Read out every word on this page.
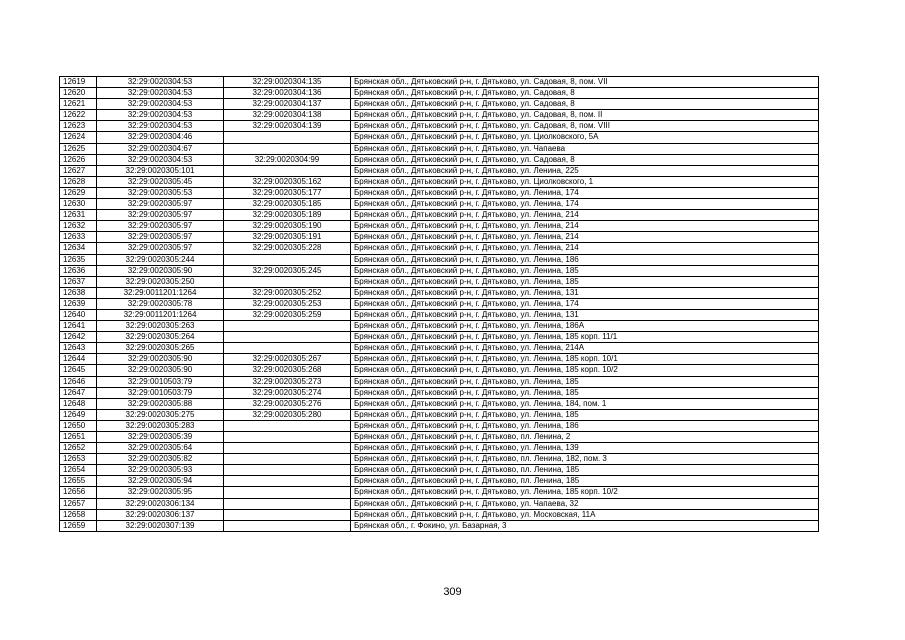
12619	32:29:0020304:53	32:29:0020304:135	Брянская обл., Дятьковский р-н, г. Дятьково, ул. Садовая, 8, пом. VII
12620	32:29:0020304:53	32:29:0020304:136	Брянская обл., Дятьковский р-н, г. Дятьково, ул. Садовая, 8
12621	32:29:0020304:53	32:29:0020304:137	Брянская обл., Дятьковский р-н, г. Дятьково, ул. Садовая, 8
12622	32:29:0020304:53	32:29:0020304:138	Брянская обл., Дятьковский р-н, г. Дятьково, ул. Садовая, 8, пом. II
12623	32:29:0020304:53	32:29:0020304:139	Брянская обл., Дятьковский р-н, г. Дятьково, ул. Садовая, 8, пом. VIII
12624	32:29:0020304:46		Брянская обл., Дятьковский р-н, г. Дятьково, ул. Циолковского, 5А
12625	32:29:0020304:67		Брянская обл., Дятьковский р-н, г. Дятьково, ул. Чапаева
12626	32:29:0020304:53	32:29:0020304:99	Брянская обл., Дятьковский р-н, г. Дятьково, ул. Садовая, 8
12627	32:29:0020305:101		Брянская обл., Дятьковский р-н, г. Дятьково, ул. Ленина, 225
12628	32:29:0020305:45	32:29:0020305:162	Брянская обл., Дятьковский р-н, г. Дятьково, ул. Циолковского, 1
12629	32:29:0020305:53	32:29:0020305:177	Брянская обл., Дятьковский р-н, г. Дятьково, ул. Ленина, 174
12630	32:29:0020305:97	32:29:0020305:185	Брянская обл., Дятьковский р-н, г. Дятьково, ул. Ленина, 174
12631	32:29:0020305:97	32:29:0020305:189	Брянская обл., Дятьковский р-н, г. Дятьково, ул. Ленина, 214
12632	32:29:0020305:97	32:29:0020305:190	Брянская обл., Дятьковский р-н, г. Дятьково, ул. Ленина, 214
12633	32:29:0020305:97	32:29:0020305:191	Брянская обл., Дятьковский р-н, г. Дятьково, ул. Ленина, 214
12634	32:29:0020305:97	32:29:0020305:228	Брянская обл., Дятьковский р-н, г. Дятьково, ул. Ленина, 214
12635	32:29:0020305:244		Брянская обл., Дятьковский р-н, г. Дятьково, ул. Ленина, 186
12636	32:29:0020305:90	32:29:0020305:245	Брянская обл., Дятьковский р-н, г. Дятьково, ул. Ленина, 185
12637	32:29:0020305:250		Брянская обл., Дятьковский р-н, г. Дятьково, ул. Ленина, 185
12638	32:29:0011201:1264	32:29:0020305:252	Брянская обл., Дятьковский р-н, г. Дятьково, ул. Ленина, 131
12639	32:29:0020305:78	32:29:0020305:253	Брянская обл., Дятьковский р-н, г. Дятьково, ул. Ленина, 174
12640	32:29:0011201:1264	32:29:0020305:259	Брянская обл., Дятьковский р-н, г. Дятьково, ул. Ленина, 131
12641	32:29:0020305:263		Брянская обл., Дятьковский р-н, г. Дятьково, ул. Ленина, 186А
12642	32:29:0020305:264		Брянская обл., Дятьковский р-н, г. Дятьково, ул. Ленина, 185 корп. 11/1
12643	32:29:0020305:265		Брянская обл., Дятьковский р-н, г. Дятьково, ул. Ленина, 214А
12644	32:29:0020305:90	32:29:0020305:267	Брянская обл., Дятьковский р-н, г. Дятьково, ул. Ленина, 185 корп. 10/1
12645	32:29:0020305:90	32:29:0020305:268	Брянская обл., Дятьковский р-н, г. Дятьково, ул. Ленина, 185 корп. 10/2
12646	32:29:0010503:79	32:29:0020305:273	Брянская обл., Дятьковский р-н, г. Дятьково, ул. Ленина, 185
12647	32:29:0010503:79	32:29:0020305:274	Брянская обл., Дятьковский р-н, г. Дятьково, ул. Ленина, 185
12648	32:29:0020305:88	32:29:0020305:276	Брянская обл., Дятьковский р-н, г. Дятьково, ул. Ленина, 184, пом. 1
12649	32:29:0020305:275	32:29:0020305:280	Брянская обл., Дятьковский р-н, г. Дятьково, ул. Ленина, 185
12650	32:29:0020305:283		Брянская обл., Дятьковский р-н, г. Дятьково, ул. Ленина, 186
12651	32:29:0020305:39		Брянская обл., Дятьковский р-н, г. Дятьково, пл. Ленина, 2
12652	32:29:0020305:64		Брянская обл., Дятьковский р-н, г. Дятьково, ул. Ленина, 139
12653	32:29:0020305:82		Брянская обл., Дятьковский р-н, г. Дятьково, пл. Ленина, 182, пом. 3
12654	32:29:0020305:93		Брянская обл., Дятьковский р-н, г. Дятьково, пл. Ленина, 185
12655	32:29:0020305:94		Брянская обл., Дятьковский р-н, г. Дятьково, пл. Ленина, 185
12656	32:29:0020305:95		Брянская обл., Дятьковский р-н, г. Дятьково, ул. Ленина, 185 корп. 10/2
12657	32:29:0020306:134		Брянская обл., Дятьковский р-н, г. Дятьково, ул. Чапаева, 32
12658	32:29:0020306:137		Брянская обл., Дятьковский р-н, г. Дятьково, ул. Московская, 11А
12659	32:29:0020307:139		Брянская обл., г. Фокино, ул. Базарная, 3
309
